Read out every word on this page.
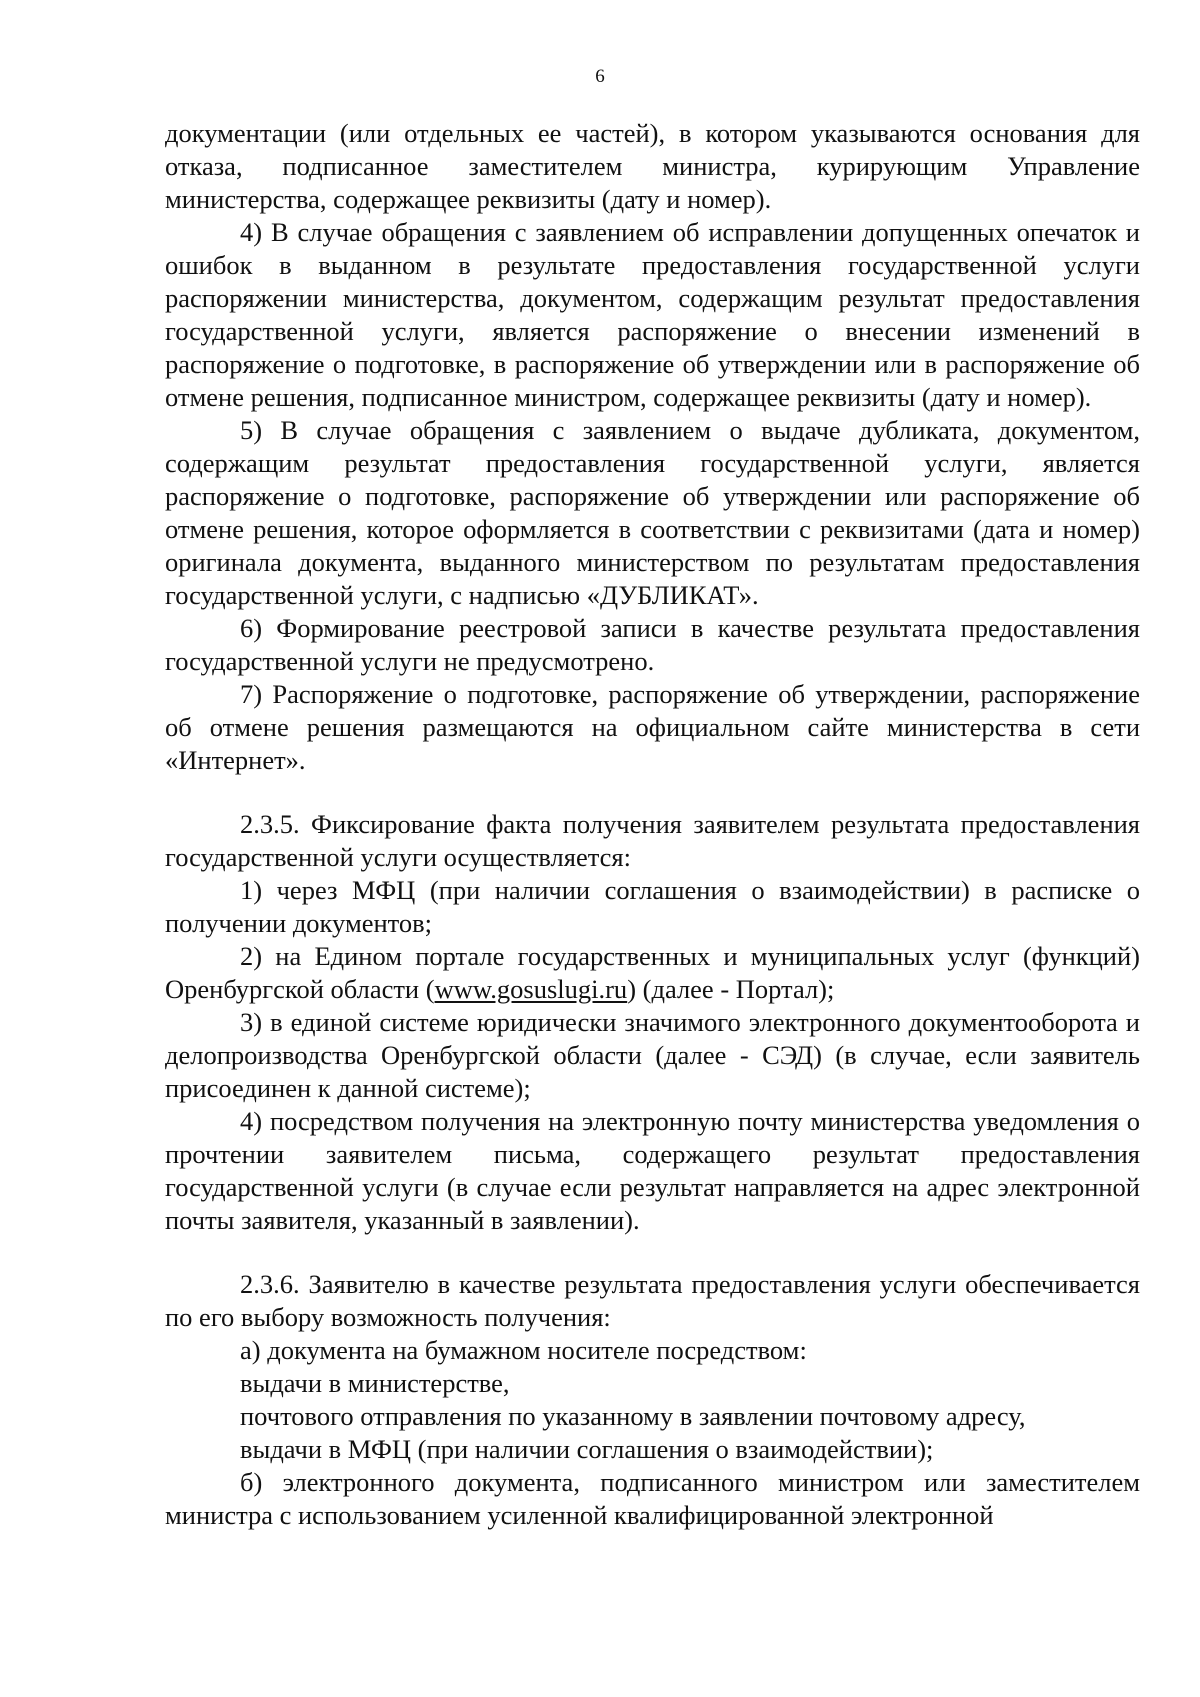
6

документации (или отдельных ее частей), в котором указываются основания для отказа, подписанное заместителем министра, курирующим Управление министерства, содержащее реквизиты (дату и номер).

4) В случае обращения с заявлением об исправлении допущенных опечаток и ошибок в выданном в результате предоставления государственной услуги распоряжении министерства, документом, содержащим результат предоставления государственной услуги, является распоряжение о внесении изменений в распоряжение о подготовке, в распоряжение об утверждении или в распоряжение об отмене решения, подписанное министром, содержащее реквизиты (дату и номер).

5) В случае обращения с заявлением о выдаче дубликата, документом, содержащим результат предоставления государственной услуги, является распоряжение о подготовке, распоряжение об утверждении или распоряжение об отмене решения, которое оформляется в соответствии с реквизитами (дата и номер) оригинала документа, выданного министерством по результатам предоставления государственной услуги, с надписью «ДУБЛИКАТ».

6) Формирование реестровой записи в качестве результата предоставления государственной услуги не предусмотрено.

7) Распоряжение о подготовке, распоряжение об утверждении, распоряжение об отмене решения размещаются на официальном сайте министерства в сети «Интернет».

2.3.5. Фиксирование факта получения заявителем результата предоставления государственной услуги осуществляется:

1) через МФЦ (при наличии соглашения о взаимодействии) в расписке о получении документов;

2) на Едином портале государственных и муниципальных услуг (функций) Оренбургской области (www.gosuslugi.ru) (далее - Портал);

3) в единой системе юридически значимого электронного документооборота и делопроизводства Оренбургской области (далее - СЭД) (в случае, если заявитель присоединен к данной системе);

4) посредством получения на электронную почту министерства уведомления о прочтении заявителем письма, содержащего результат предоставления государственной услуги (в случае если результат направляется на адрес электронной почты заявителя, указанный в заявлении).

2.3.6. Заявителю в качестве результата предоставления услуги обеспечивается по его выбору возможность получения:

а) документа на бумажном носителе посредством:

выдачи в министерстве,

почтового отправления по указанному в заявлении почтовому адресу,

выдачи в МФЦ (при наличии соглашения о взаимодействии);

б) электронного документа, подписанного министром или заместителем министра с использованием усиленной квалифицированной электронной
